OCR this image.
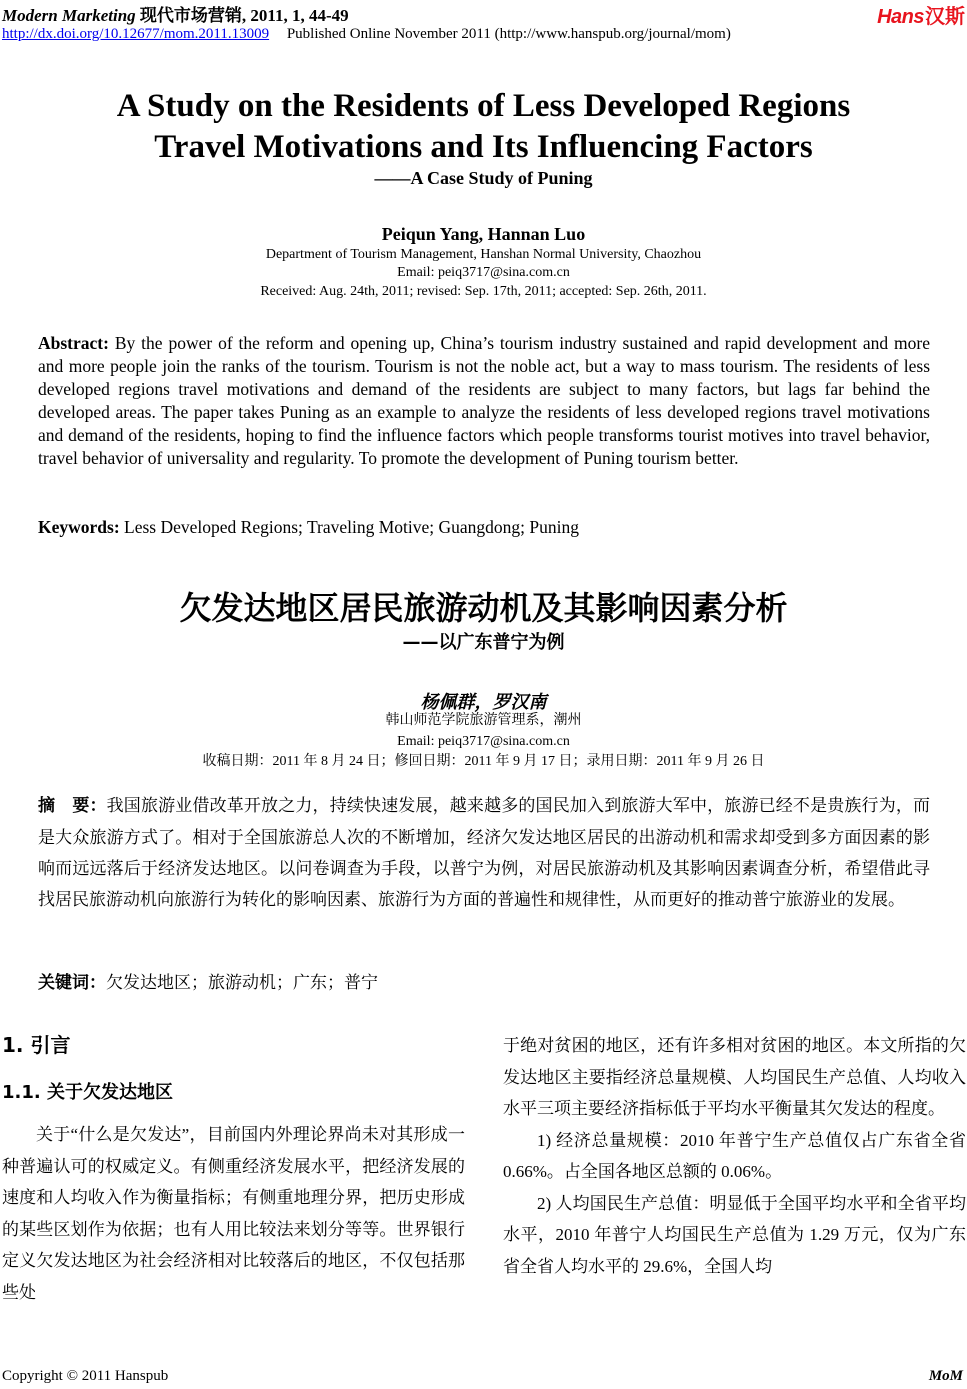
Modern Marketing 现代市场营销, 2011, 1, 44-49	Hans汉斯
http://dx.doi.org/10.12677/mom.2011.13009 Published Online November 2011 (http://www.hanspub.org/journal/mom)
A Study on the Residents of Less Developed Regions
Travel Motivations and Its Influencing Factors
——A Case Study of Puning
Peiqun Yang, Hannan Luo
Department of Tourism Management, Hanshan Normal University, Chaozhou
Email: peiq3717@sina.com.cn
Received: Aug. 24th, 2011; revised: Sep. 17th, 2011; accepted: Sep. 26th, 2011.
Abstract: By the power of the reform and opening up, China’s tourism industry sustained and rapid development and more and more people join the ranks of the tourism. Tourism is not the noble act, but a way to mass tourism. The residents of less developed regions travel motivations and demand of the residents are subject to many factors, but lags far behind the developed areas. The paper takes Puning as an example to analyze the residents of less developed regions travel motivations and demand of the residents, hoping to find the influence factors which people transforms tourist motives into travel behavior, travel behavior of universality and regularity. To promote the development of Puning tourism better.
Keywords: Less Developed Regions; Traveling Motive; Guangdong; Puning
欠发达地区居民旅游动机及其影响因素分析
——以广东普宁为例
杨佩群，罗汉南
韩山师范学院旅游管理系，潮州
Email: peiq3717@sina.com.cn
收稿日期：2011 年 8 月 24 日；修回日期：2011 年 9 月 17 日；录用日期：2011 年 9 月 26 日
摘　要：我国旅游业借改革开放之力，持续快速发展，越来越多的国民加入到旅游大军中，旅游已经不是贵族行为，而是大众旅游方式了。相对于全国旅游总人次的不断增加，经济欠发达地区居民的出游动机和需求却受到多方面因素的影响而远远落后于经济发达地区。以问卷调查为手段，以普宁为例，对居民旅游动机及其影响因素调查分析，希望借此寻找居民旅游动机向旅游行为转化的影响因素、旅游行为方面的普遍性和规律性，从而更好的推动普宁旅游业的发展。
关键词：欠发达地区；旅游动机；广东；普宁
1. 引言
1.1. 关于欠发达地区
关于“什么是欠发达”，目前国内外理论界尚未对其形成一种普遍认可的权威定义。有侧重经济发展水平，把经济发展的速度和人均收入作为衡量指标；有侧重地理分界，把历史形成的某些区划作为依据；也有人用比较法来划分等等。世界银行定义欠发达地区为社会经济相对比较落后的地区，不仅包括那些处
于绝对贫困的地区，还有许多相对贫困的地区。本文所指的欠发达地区主要指经济总量规模、人均国民生产总值、人均收入水平三项主要经济指标低于平均水平衡量其欠发达的程度。
1) 经济总量规模：2010 年普宁生产总值仅占广东省全省 0.66%。占全国各地区总额的 0.06%。
2) 人均国民生产总值：明显低于全国平均水平和全省平均水平，2010 年普宁人均国民生产总值为 1.29 万元，仅为广东省全省人均水平的 29.6%，全国人均
Copyright © 2011 Hanspub	MoM
